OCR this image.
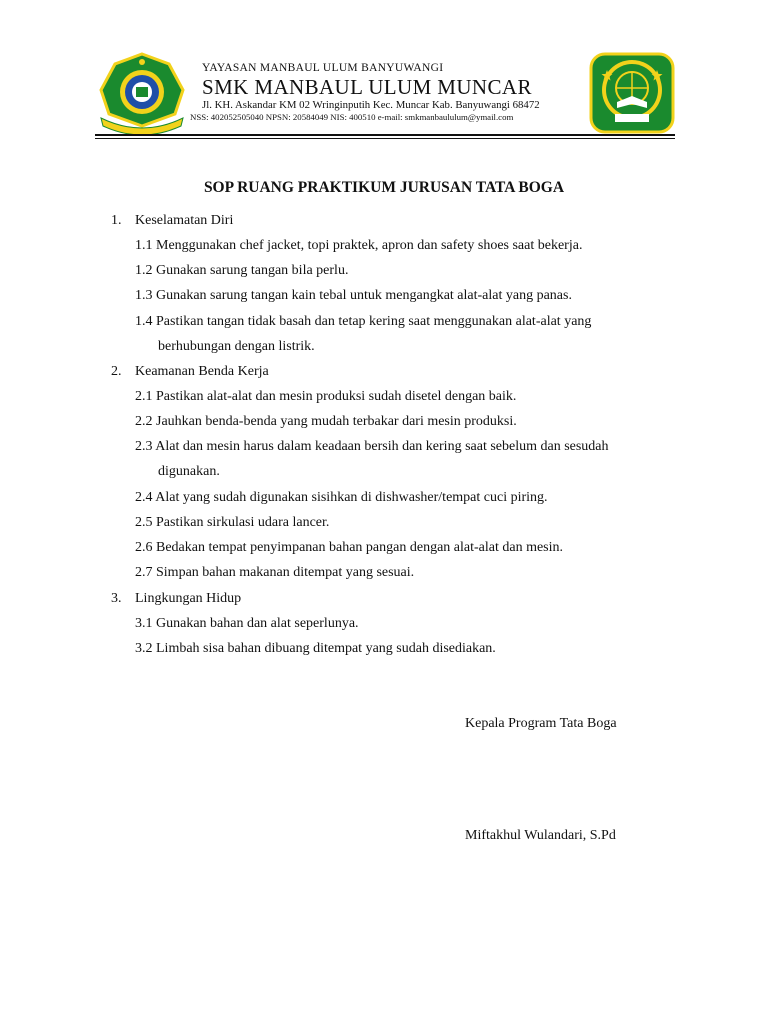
YAYASAN MANBAUL ULUM BANYUWANGI
SMK MANBAUL ULUM MUNCAR
Jl. KH. Askandar KM 02 Wringinputih Kec. Muncar Kab. Banyuwangi 68472
NSS: 402052505040 NPSN: 20584049 NIS: 400510 e-mail: smkmanbaululum@ymail.com
SOP RUANG PRAKTIKUM JURUSAN TATA BOGA
1. Keselamatan Diri
1.1 Menggunakan chef jacket, topi praktek, apron dan safety shoes saat bekerja.
1.2 Gunakan sarung tangan bila perlu.
1.3 Gunakan sarung tangan kain tebal untuk mengangkat alat-alat yang panas.
1.4 Pastikan tangan tidak basah dan tetap kering saat menggunakan alat-alat yang
berhubungan dengan listrik.
2. Keamanan Benda Kerja
2.1 Pastikan alat-alat dan mesin produksi sudah disetel dengan baik.
2.2 Jauhkan benda-benda yang mudah terbakar dari mesin produksi.
2.3 Alat dan mesin harus dalam keadaan bersih dan kering saat sebelum dan sesudah
digunakan.
2.4 Alat yang sudah digunakan sisihkan di dishwasher/tempat cuci piring.
2.5 Pastikan sirkulasi udara lancer.
2.6 Bedakan tempat penyimpanan bahan pangan dengan alat-alat dan mesin.
2.7 Simpan bahan makanan ditempat yang sesuai.
3. Lingkungan Hidup
3.1 Gunakan bahan dan alat seperlunya.
3.2 Limbah sisa bahan dibuang ditempat yang sudah disediakan.
Kepala Program Tata Boga
Miftakhul Wulandari, S.Pd
